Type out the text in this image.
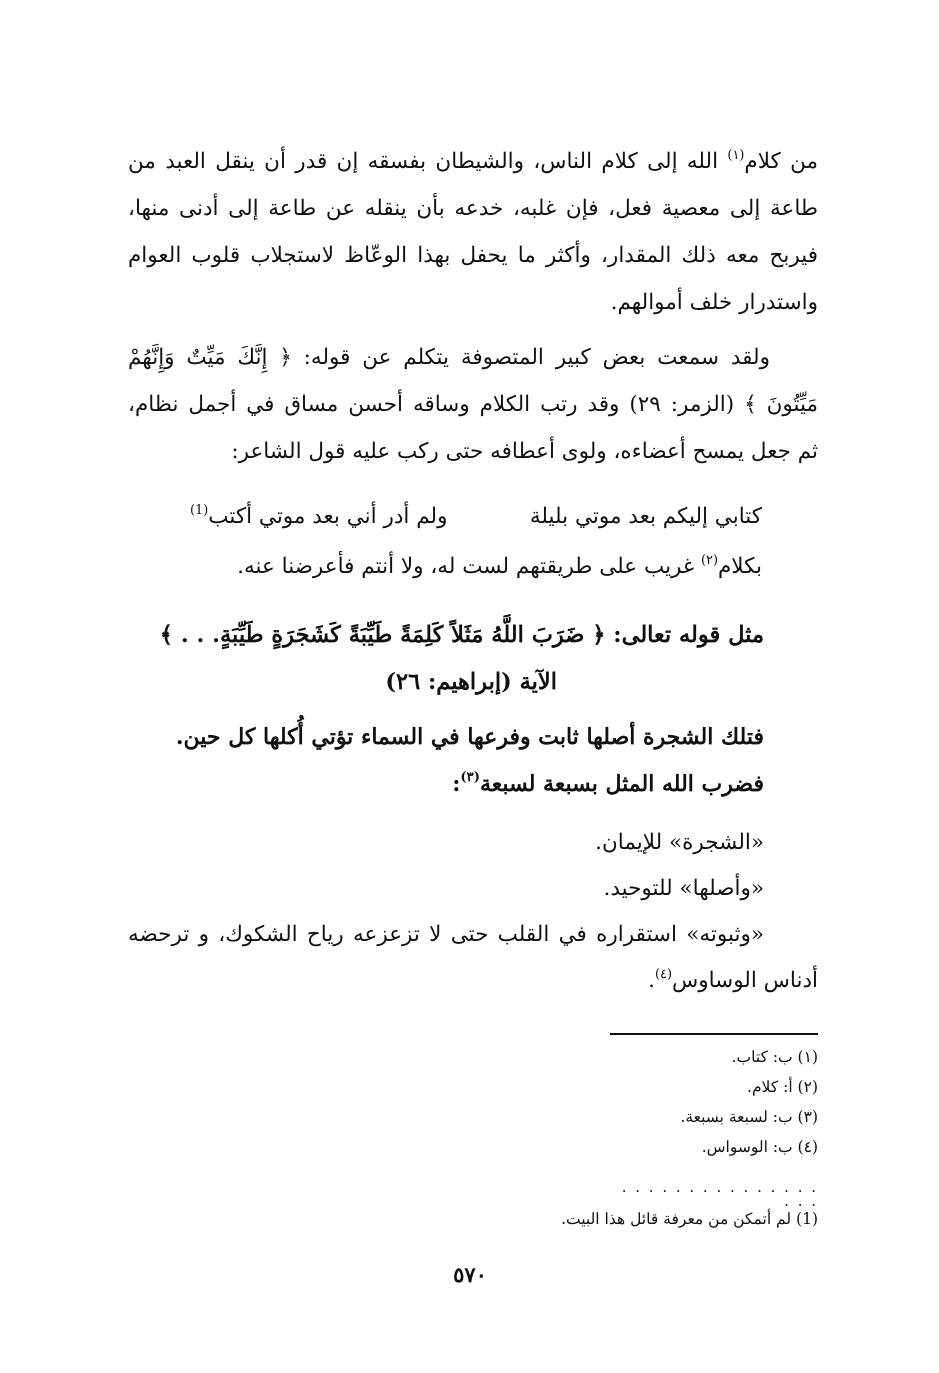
من كلام$^{(١)}$ الله إلى كلام الناس، والشيطان بفسقه إن قدر أن ينقل العبد من
طاعة إلى معصية فعل، فإن غلبه، خدعه بأن ينقله عن طاعة إلى أدنى منها،
فيربح معه ذلك المقدار، وأكثر ما يحفل بهذا الوعّاظ لاستجلاب قلوب العوام
واستدرار خلف أموالهم.
ولقد سمعت بعض كبير المتصوفة يتكلم عن قوله: ﴿ إِنَّكَ مَيِّتٌ وَإِنَّهُمْ
مَيِّتُونَ ﴾ (الزمر: ٢٩) وقد رتب الكلام وساقه أحسن مساق في أجمل نظام،
ثم جعل يمسح أعضاءه، ولوى أعطافه حتى ركب عليه قول الشاعر:
كتابي إليكم بعد موتي بليلة
ولم أدر أني بعد موتي أكتب$^{(1)}$
بكلام$^{(٢)}$ غريب على طريقتهم لست له، ولا أنتم فأعرضنا عنه.
مثل قوله تعالى: ﴿ ضَرَبَ اللَّهُ مَثَلاً كَلِمَةً طَيِّبَةً كَشَجَرَةٍ طَيِّبَةٍ. . . ﴾
الآية (إبراهيم: ٢٦)
فتلك الشجرة أصلها ثابت وفرعها في السماء تؤتي أُكلها كل حين.
فضرب الله المثل بسبعة لسبعة$^{(٣)}$:
«الشجرة» للإيمان.
«وأصلها» للتوحيد.
«وثبوته» استقراره في القلب حتى لا تزعزعه رياح الشكوك، و ترحضه
أدناس الوساوس$^{(٤)}$.
(١) ب: كتاب.
(٢) أ: كلام.
(٣) ب: لسبعة بسبعة.
(٤) ب: الوسواس.
. . . . . . . . . . . . . . . . . .
(1) لم أتمكن من معرفة قائل هذا البيت.
٥٧٠
